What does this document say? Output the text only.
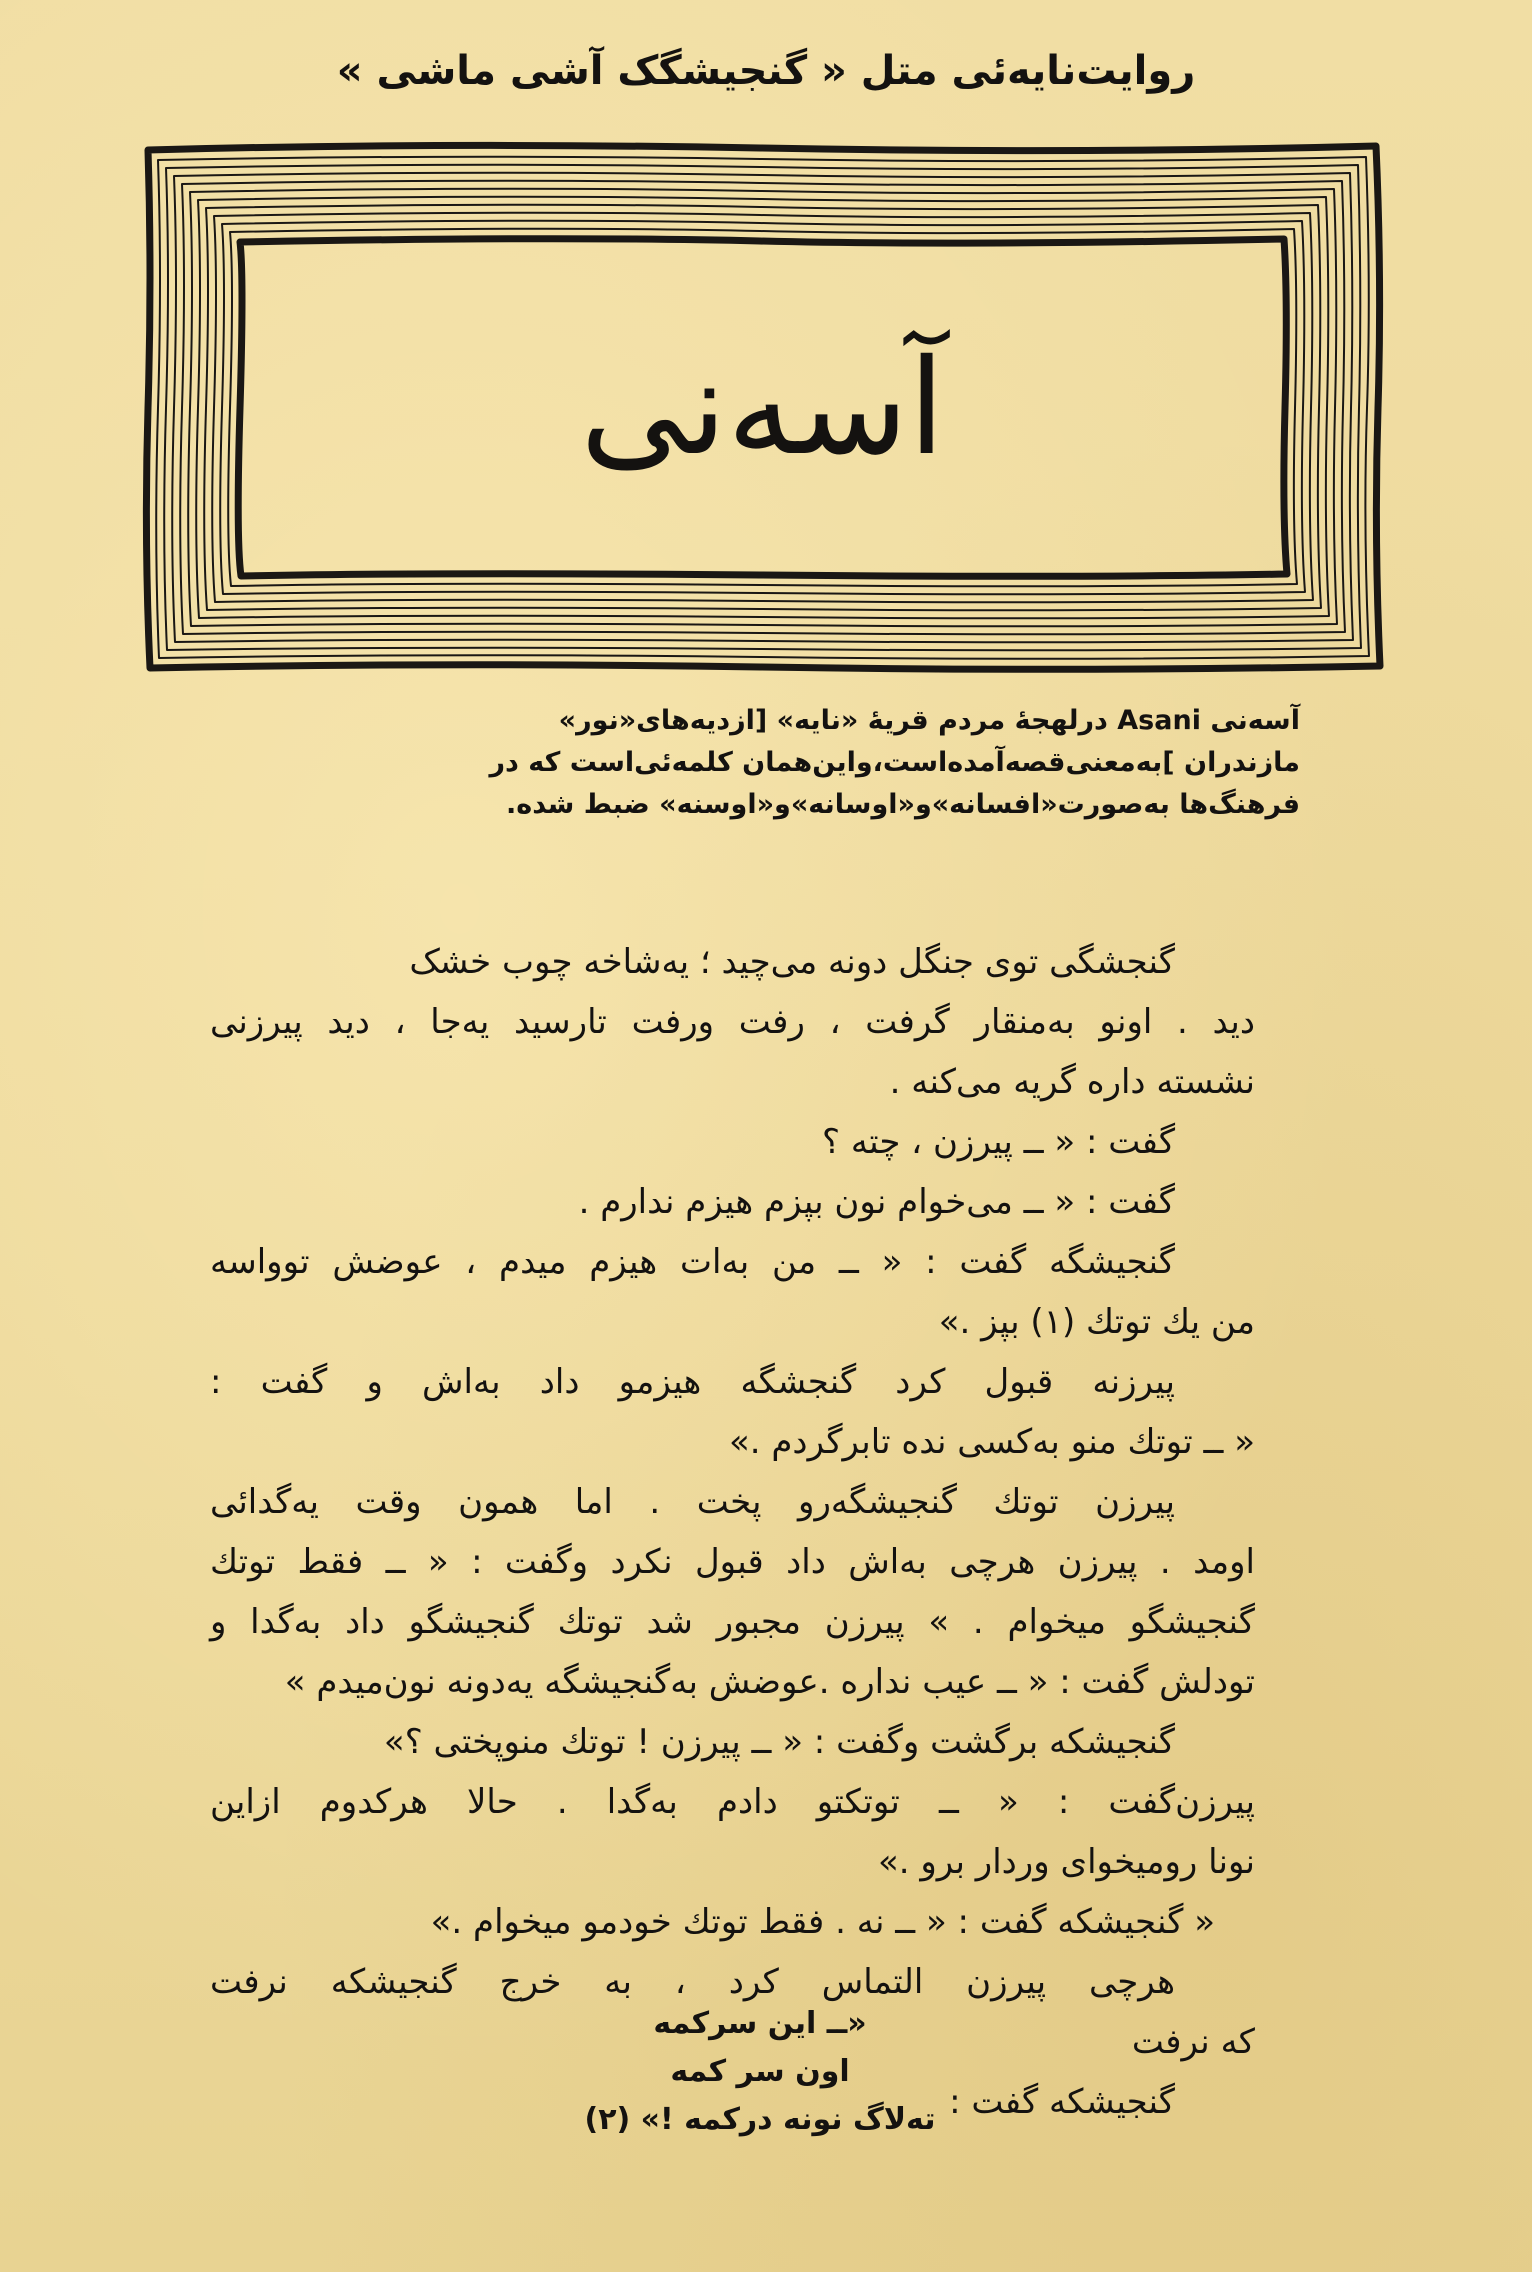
روایت‌نایه‌ئی متل « گنجیشگک آشی ماشی »
آسه‌نی

آسه‌نی Asani درلهجهٔ مردم قریهٔ «نایه» [ازدیه‌های«نور»

مازندران ]به‌معنی‌قصه‌آمده‌است،واین‌همان کلمه‌ئی‌است که در

فرهنگ‌ها به‌صورت«افسانه»و«اوسانه»و«اوسنه» ضبط شده.

گنجشگی توی جنگل دونه می‌چید ؛ یه‌شاخه چوب خشک

دید . اونو به‌منقار گرفت ، رفت ورفت تارسید یه‌جا ، دید پیرزنی

نشسته داره گریه می‌کنه .

گفت : « ــ پیرزن ، چته ؟

گفت : « ــ می‌خوام نون بپزم هیزم ندارم .

گنجیشگه گفت : « ــ من به‌ات هیزم میدم ، عوضش تو‌واسه

من یك توتك (۱) بپز .»

پیرزنه قبول کرد گنجشگه هیزمو داد به‌اش و گفت :

« ــ توتك منو به‌کسی نده تابرگردم .»

پیرزن توتك گنجیشگه‌رو پخت . اما همون وقت یه‌گدائی

اومد . پیرزن هرچی به‌اش داد قبول نکرد وگفت : « ــ فقط توتك

گنجیشگو میخوام . » پیرزن مجبور شد توتك گنجیشگو داد به‌گدا و

تودلش گفت : « ــ عیب نداره .عوضش به‌گنجیشگه یه‌دونه نون‌میدم »

گنجیشکه برگشت وگفت : « ــ پیرزن ! توتك منوپختی ؟»

پیرزن‌گفت : « ــ توتکتو دادم به‌گدا . حالا هرکدوم ازاین

نونا رومیخوای وردار برو .»

« گنجیشکه گفت : « ــ نه . فقط توتك خودمو میخوام .»

هرچی پیرزن التماس کرد ، به خرج گنجیشکه نرفت

که نرفت

گنجیشکه گفت :

«ــ این سرکمه

اون سر کمه

ته‌لاگ نونه درکمه !» (۲)
